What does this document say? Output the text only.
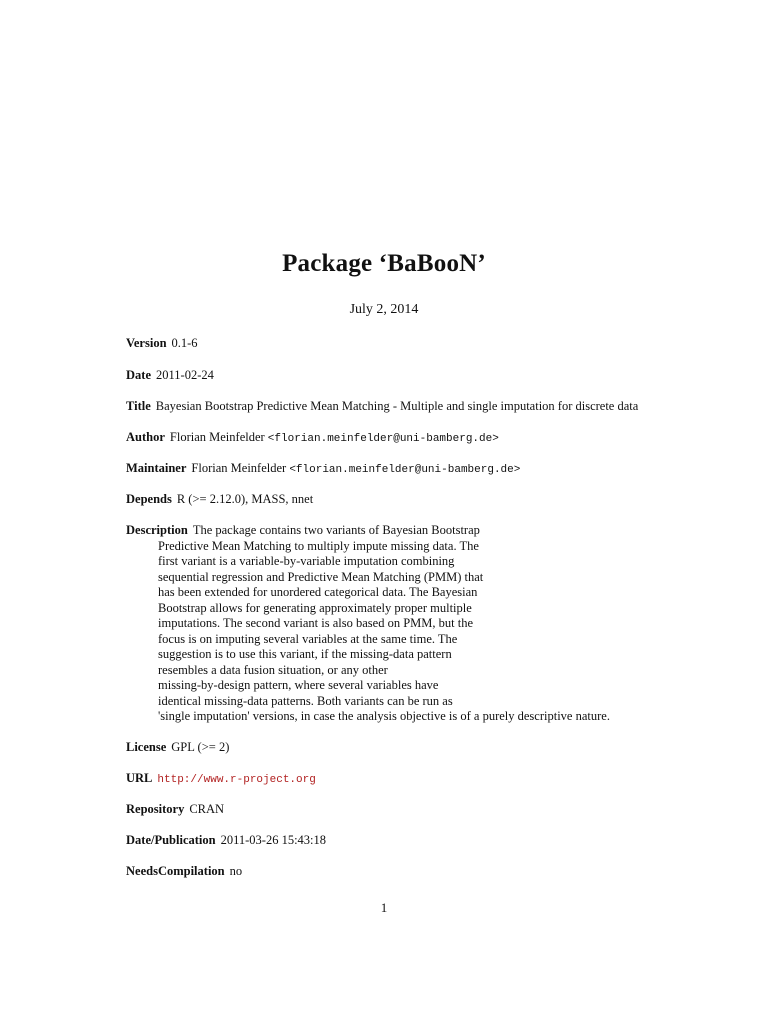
Package ‘BaBooN’
July 2, 2014
Version 0.1-6
Date 2011-02-24
Title Bayesian Bootstrap Predictive Mean Matching - Multiple and single imputation for discrete data
Author Florian Meinfelder <florian.meinfelder@uni-bamberg.de>
Maintainer Florian Meinfelder <florian.meinfelder@uni-bamberg.de>
Depends R (>= 2.12.0), MASS, nnet
Description The package contains two variants of Bayesian Bootstrap
Predictive Mean Matching to multiply impute missing data. The
first variant is a variable-by-variable imputation combining
sequential regression and Predictive Mean Matching (PMM) that
has been extended for unordered categorical data. The Bayesian
Bootstrap allows for generating approximately proper multiple
imputations. The second variant is also based on PMM, but the
focus is on imputing several variables at the same time. The
suggestion is to use this variant, if the missing-data pattern
resembles a data fusion situation, or any other
missing-by-design pattern, where several variables have
identical missing-data patterns. Both variants can be run as
'single imputation' versions, in case the analysis objective is of a purely descriptive nature.
License GPL (>= 2)
URL http://www.r-project.org
Repository CRAN
Date/Publication 2011-03-26 15:43:18
NeedsCompilation no
1
